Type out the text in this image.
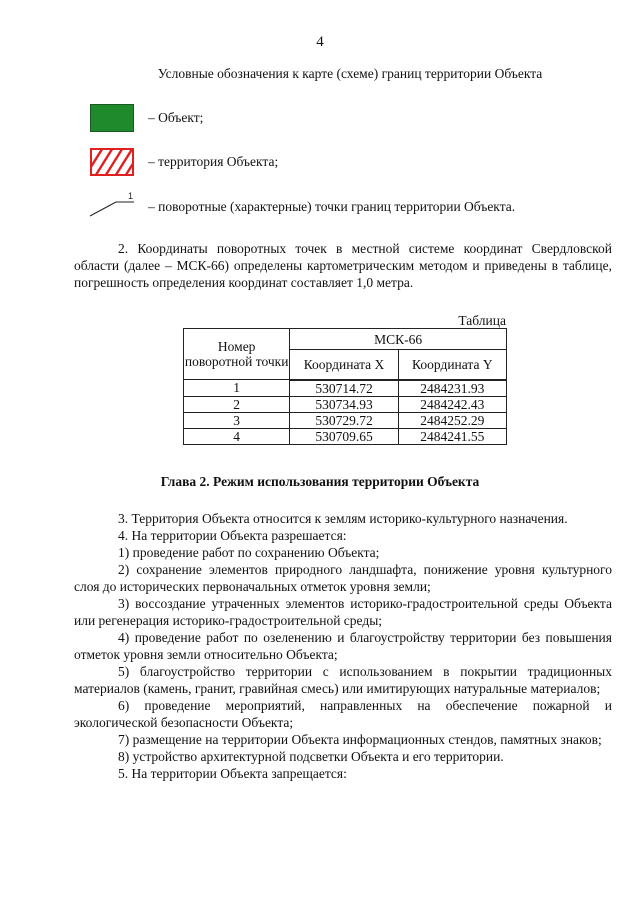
4
Условные обозначения к карте (схеме) границ территории Объекта
– Объект;
– территория Объекта;
1
– поворотные (характерные) точки границ территории Объекта.

2. Координаты поворотных точек в местной системе координат Свердловской области (далее – МСК-66) определены картометрическим методом и приведены в таблице, погрешность определения координат составляет 1,0 метра.

Таблица
Номер поворотной точки	МСК-66	
	Координата X	Координата Y
1	530714.72	2484231.93
2	530734.93	2484242.43
3	530729.72	2484252.29
4	530709.65	2484241.55
Глава 2. Режим использования территории Объекта

3. Территория Объекта относится к землям историко-культурного назначения.

4. На территории Объекта разрешается:

1) проведение работ по сохранению Объекта;

2) сохранение элементов природного ландшафта, понижение уровня культурного слоя до исторических первоначальных отметок уровня земли;

3) воссоздание утраченных элементов историко-градостроительной среды Объекта или регенерация историко-градостроительной среды;

4) проведение работ по озеленению и благоустройству территории без повышения отметок уровня земли относительно Объекта;

5) благоустройство территории с использованием в покрытии традиционных материалов (камень, гранит, гравийная смесь) или имитирующих натуральные материалов;

6) проведение мероприятий, направленных на обеспечение пожарной и экологической безопасности Объекта;

7) размещение на территории Объекта информационных стендов, памятных знаков;

8) устройство архитектурной подсветки Объекта и его территории.

5. На территории Объекта запрещается:
